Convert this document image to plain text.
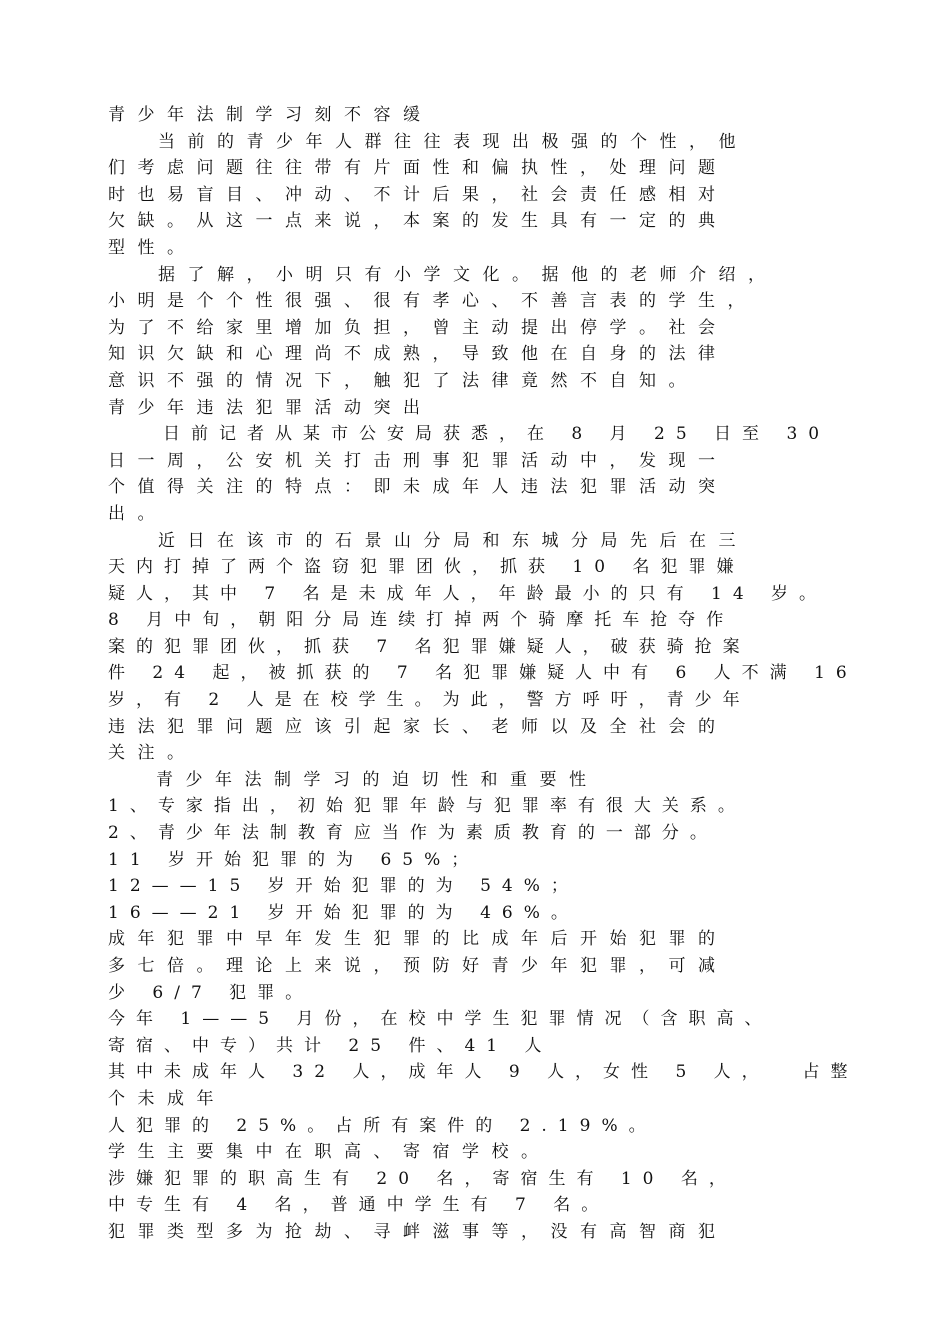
青少年法制学习刻不容缓
当前的青少年人群往往表现出极强的个性，他
们考虑问题往往带有片面性和偏执性，处理问题
时也易盲目、冲动、不计后果，社会责任感相对
欠缺。从这一点来说，本案的发生具有一定的典
型性。
据了解，小明只有小学文化。据他的老师介绍，
小明是个个性很强、很有孝心、不善言表的学生，
为了不给家里增加负担，曾主动提出停学。社会
知识欠缺和心理尚不成熟，导致他在自身的法律
意识不强的情况下，触犯了法律竟然不自知。
青少年违法犯罪活动突出
日前记者从某市公安局获悉，在 8 月 25 日至 30
日一周，公安机关打击刑事犯罪活动中，发现一
个值得关注的特点：即未成年人违法犯罪活动突
出。
近日在该市的石景山分局和东城分局先后在三
天内打掉了两个盗窃犯罪团伙，抓获 10 名犯罪嫌
疑人，其中 7 名是未成年人，年龄最小的只有 14 岁。
8 月中旬，朝阳分局连续打掉两个骑摩托车抢夺作
案的犯罪团伙，抓获 7 名犯罪嫌疑人，破获骑抢案
件 24 起，被抓获的 7 名犯罪嫌疑人中有 6 人不满 16
岁，有 2 人是在校学生。为此，警方呼吁，青少年
违法犯罪问题应该引起家长、老师以及全社会的
关注。
青少年法制学习的迫切性和重要性
1、专家指出，初始犯罪年龄与犯罪率有很大关系。
2、青少年法制教育应当作为素质教育的一部分。
11 岁开始犯罪的为 65%；
12——15 岁开始犯罪的为 54%；
16——21 岁开始犯罪的为 46%。
成年犯罪中早年发生犯罪的比成年后开始犯罪的
多七倍。理论上来说，预防好青少年犯罪，可减
少 6/7 犯罪。
今年 1——5 月份，在校中学生犯罪情况（含职高、
寄宿、中专）共计 25 件、41 人
其中未成年人 32 人，成年人 9 人，女性 5 人，  占整
个未成年
人犯罪的 25%。占所有案件的 2.19%。
学生主要集中在职高、寄宿学校。
涉嫌犯罪的职高生有 20 名，寄宿生有 10 名，
中专生有 4 名，普通中学生有 7 名。
犯罪类型多为抢劫、寻衅滋事等，没有高智商犯
